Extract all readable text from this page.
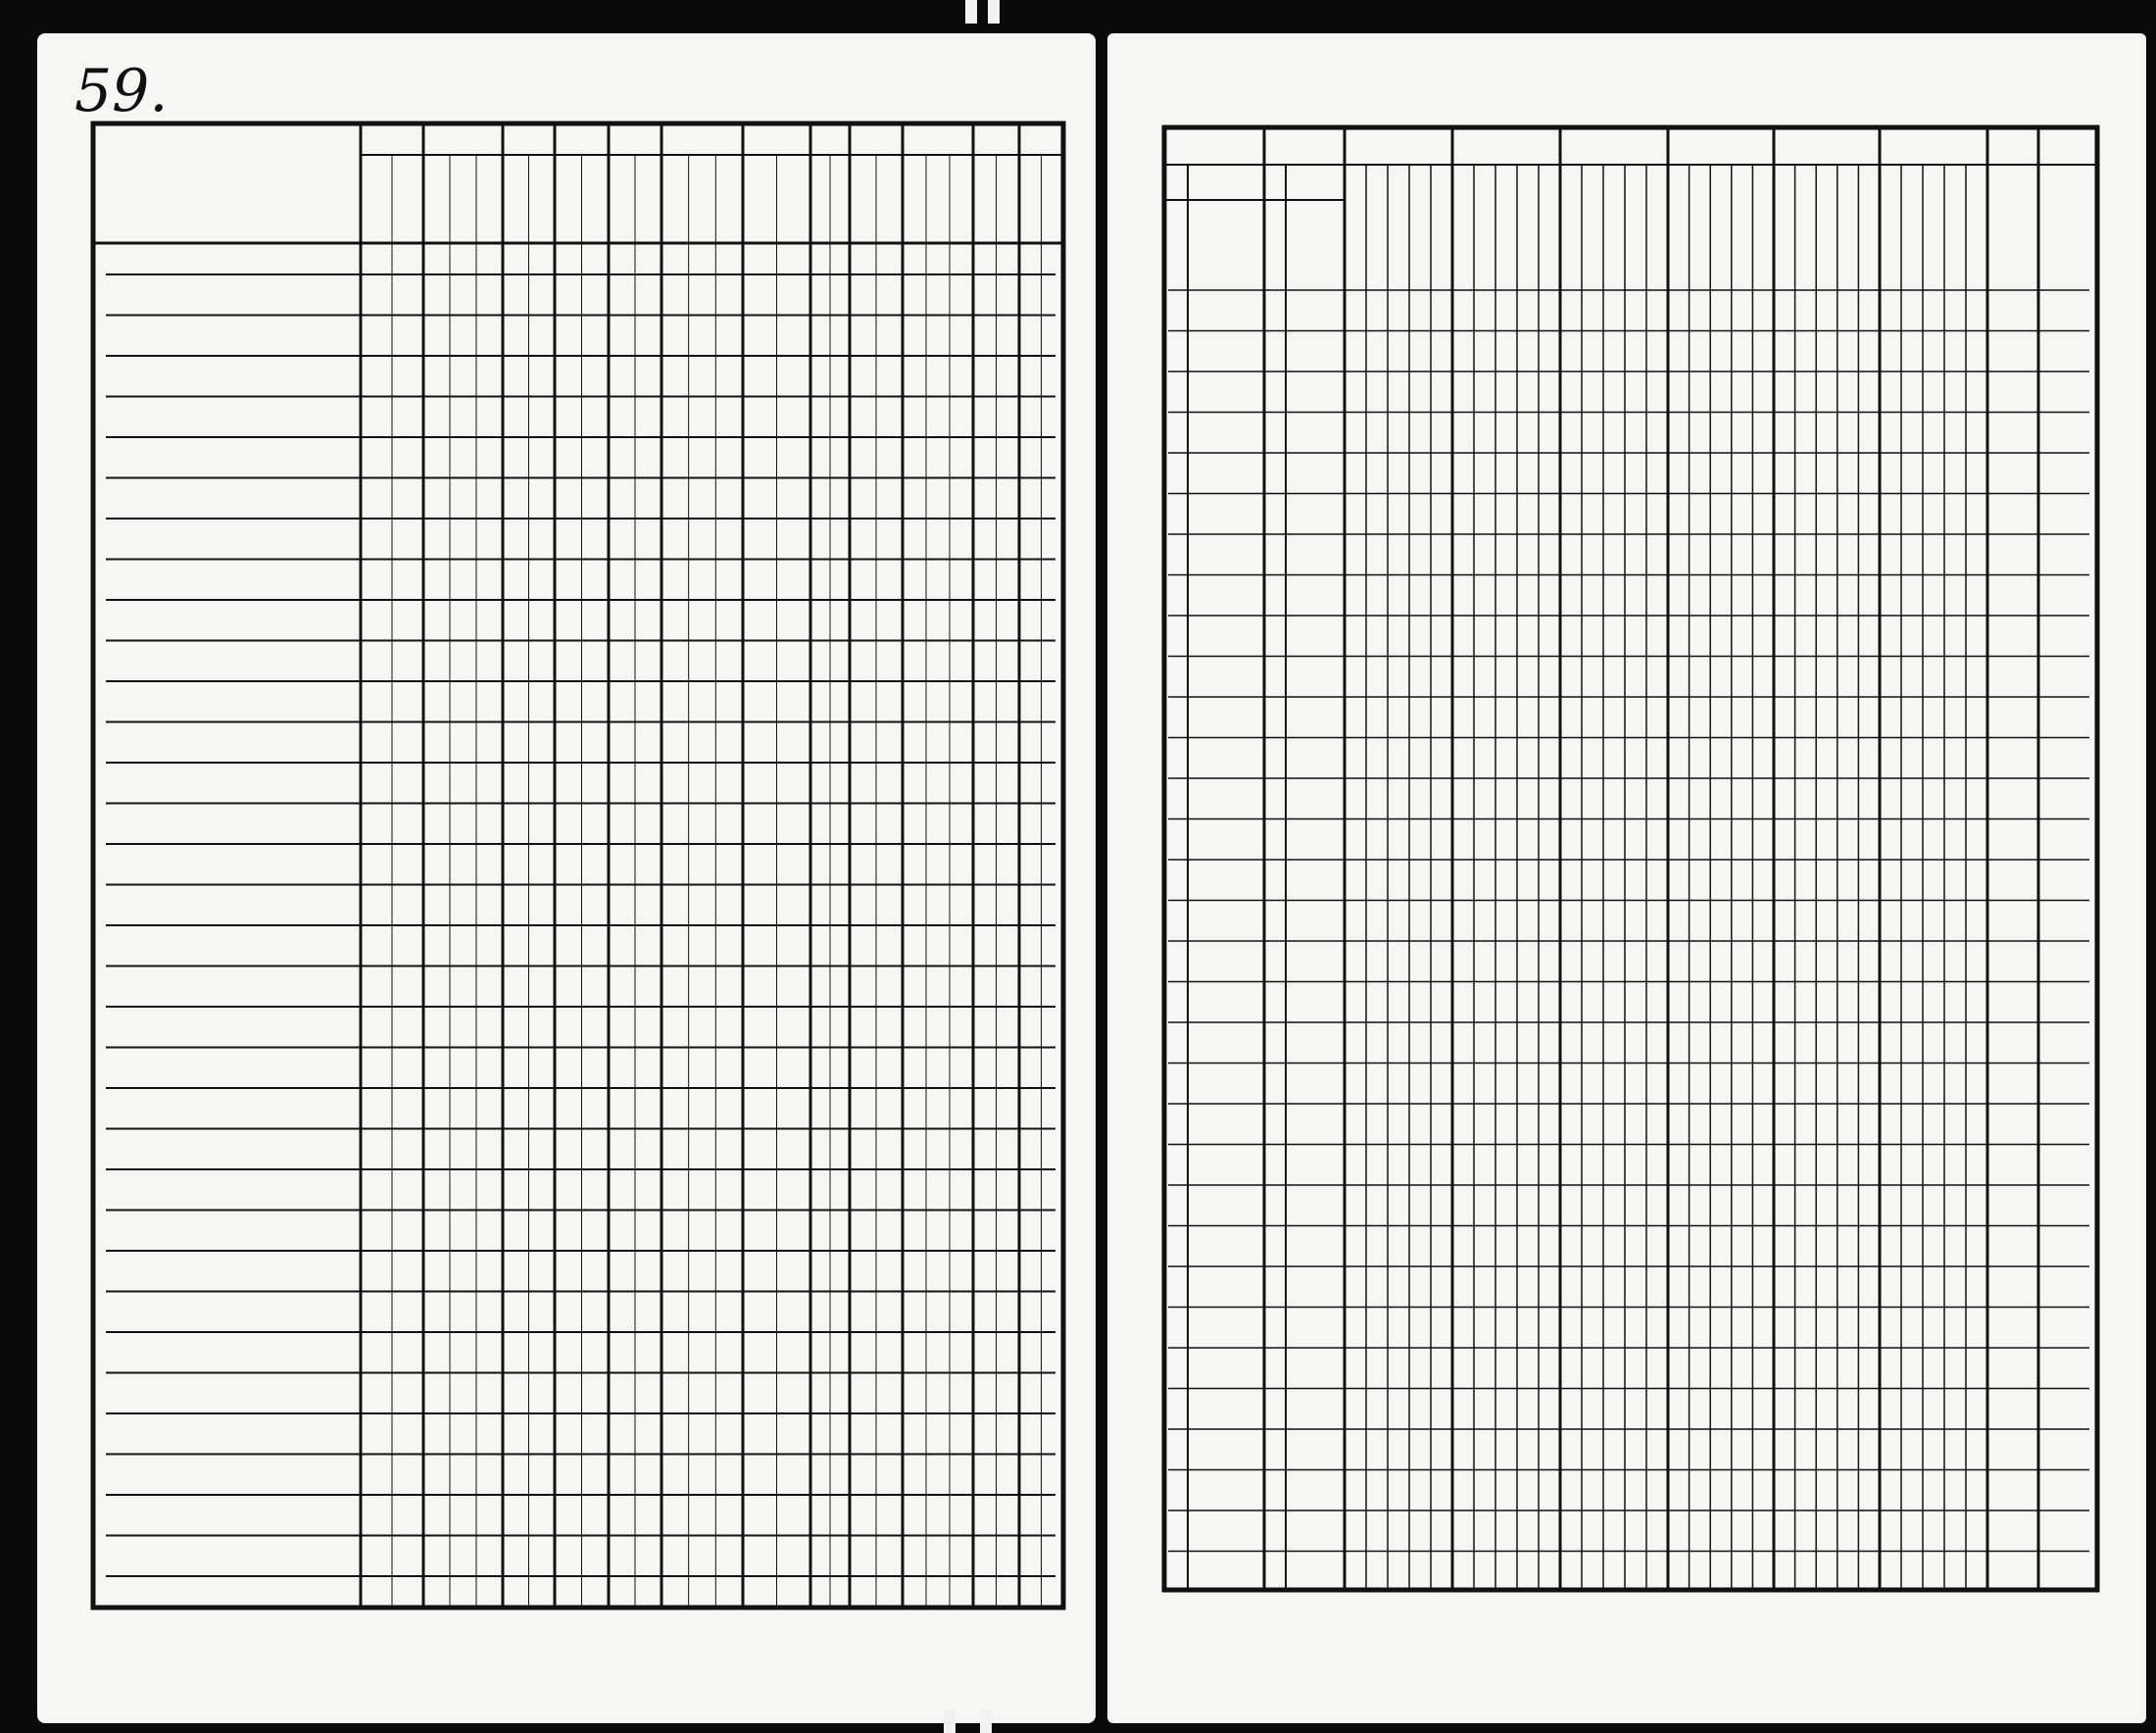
59.
